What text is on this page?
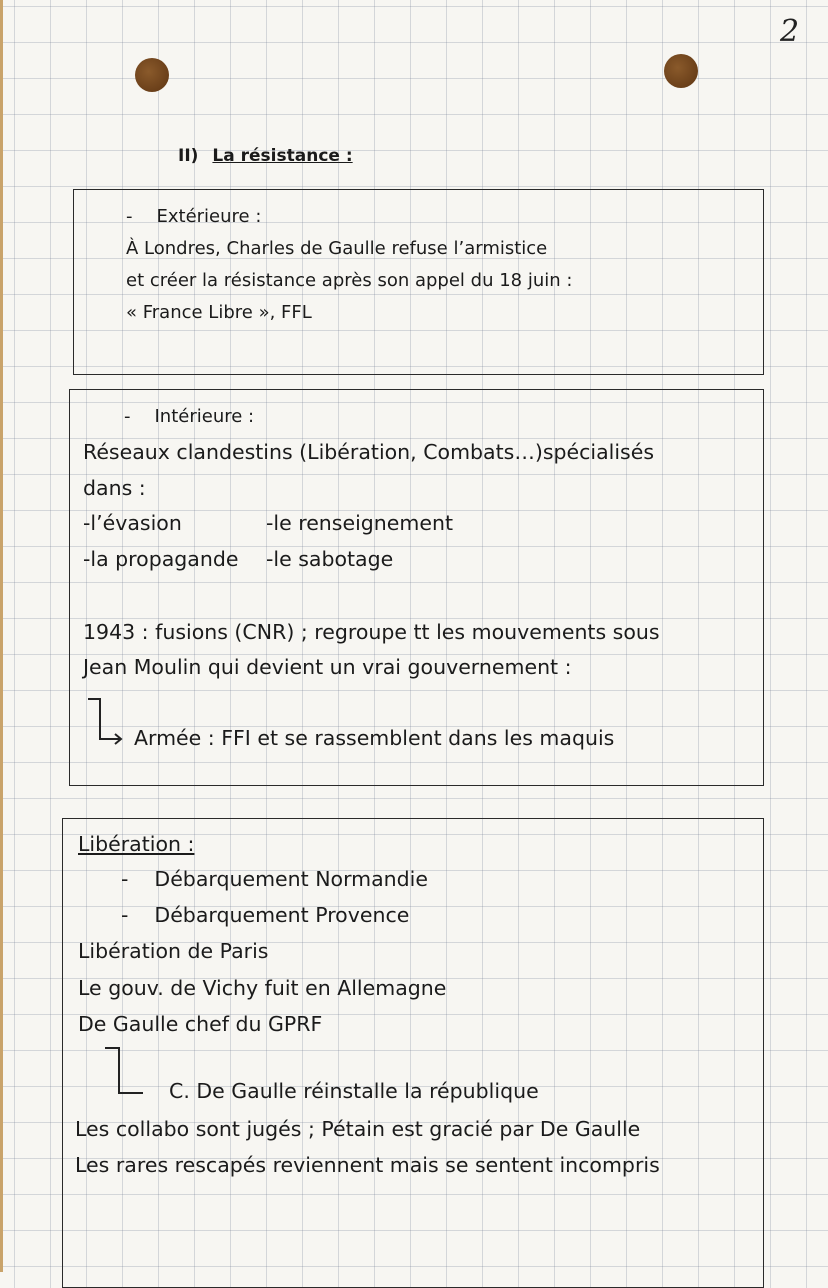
2
II) La résistance :
- Extérieure :
À Londres, Charles de Gaulle refuse l’armistice
et créer la résistance après son appel du 18 juin :
« France Libre », FFL
- Intérieure :
Réseaux clandestins (Libération, Combats…)spécialisés
dans :
-l’évasion	-le renseignement
-la propagande -le sabotage
1943 : fusions (CNR) ; regroupe tt les mouvements sous
Jean Moulin qui devient un vrai gouvernement :
Armée : FFI et se rassemblent dans les maquis
Libération :
- Débarquement Normandie
- Débarquement Provence
Libération de Paris
Le gouv. de Vichy fuit en Allemagne
De Gaulle chef du GPRF
C. De Gaulle réinstalle la république
Les collabo sont jugés ; Pétain est gracié par De Gaulle
Les rares rescapés reviennent mais se sentent incompris
